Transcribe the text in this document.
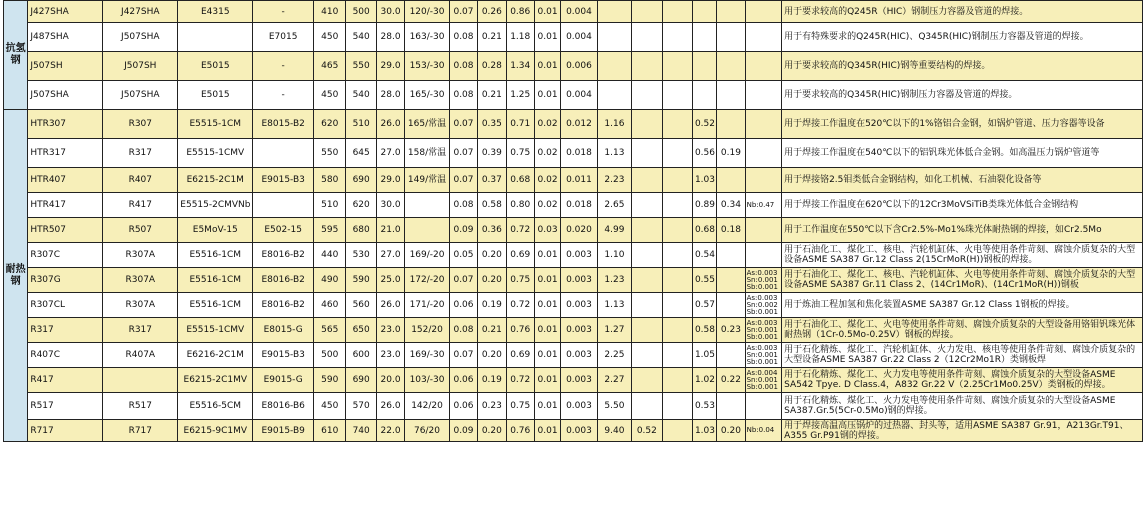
抗氢钢	J427SHA	J427SHA	E4315	-	410	500	30.0	120/-30	0.07	0.26	0.86	0.01	0.004							用于要求较高的Q245R（HIC）钢制压力容器及管道的焊接。
	J487SHA	J507SHA		E7015	450	540	28.0	163/-30	0.08	0.21	1.18	0.01	0.004							用于有特殊要求的Q245R(HIC)、Q345R(HIC)钢制压力容器及管道的焊接。
	J507SH	J507SH	E5015	-	465	550	29.0	153/-30	0.08	0.28	1.34	0.01	0.006							用于要求较高的Q345R(HIC)钢等重要结构的焊接。
	J507SHA	J507SHA	E5015	-	450	540	28.0	165/-30	0.08	0.21	1.25	0.01	0.004							用于要求较高的Q345R(HIC)钢制压力容器及管道的焊接。
耐热钢	HTR307	R307	E5515-1CM	E8015-B2	620	510	26.0	165/常温	0.07	0.35	0.71	0.02	0.012	1.16			0.52			用于焊接工作温度在520℃以下的1%铬铝合金钢，如锅炉管道、压力容器等设备
	HTR317	R317	E5515-1CMV		550	645	27.0	158/常温	0.07	0.39	0.75	0.02	0.018	1.13			0.56	0.19		用于焊接工作温度在540℃以下的铝钒珠光体低合金钢。如高温压力锅炉管道等
	HTR407	R407	E6215-2C1M	E9015-B3	580	690	29.0	149/常温	0.07	0.37	0.68	0.02	0.011	2.23			1.03			用于焊接铬2.5钼类低合金钢结构，如化工机械、石油裂化设备等
	HTR417	R417	E5515-2CMVNb		510	620	30.0		0.08	0.58	0.80	0.02	0.018	2.65			0.89	0.34	Nb:0.47	用于焊接工作温度在620℃以下的12Cr3MoVSiTiB类珠光体低合金钢结构
	HTR507	R507	E5MoV-15	E502-15	595	680	21.0		0.09	0.36	0.72	0.03	0.020	4.99			0.68	0.18		用于工作温度在550℃以下含Cr2.5%-Mo1%珠光体耐热钢的焊接，如Cr2.5Mo
	R307C	R307A	E5516-1CM	E8016-B2	440	530	27.0	169/-20	0.05	0.20	0.69	0.01	0.003	1.10			0.54			用于石油化工、煤化工、核电、汽轮机缸体、火电等使用条件苛刻、腐蚀介质复杂的大型设备ASME SA387 Gr.12 Class 2(15CrMoR(H))钢板的焊接。
	R307G	R307A	E5516-1CM	E8016-B2	490	590	25.0	172/-20	0.07	0.20	0.75	0.01	0.003	1.23			0.55		As:0.003 Sn:0.001 Sb:0.001	用于石油化工、煤化工、核电、汽轮机缸体、火电等使用条件苛刻、腐蚀介质复杂的大型设备ASME SA387 Gr.11 Class 2、(14Cr1MoR)、(14Cr1MoR(H))钢板
	R307CL	R307A	E5516-1CM	E8016-B2	460	560	26.0	171/-20	0.06	0.19	0.72	0.01	0.003	1.13			0.57		As:0.003 Sn:0.002 Sb:0.001	用于炼油工程加氢和焦化装置ASME SA387 Gr.12 Class 1钢板的焊接。
	R317	R317	E5515-1CMV	E8015-G	565	650	23.0	152/20	0.08	0.21	0.76	0.01	0.003	1.27			0.58	0.23	As:0.003 Sn:0.001 Sb:0.001	用于石油化工、煤化工、火电等使用条件苛刻、腐蚀介质复杂的大型设备用铬钼钒珠光体耐热钢（1Cr-0.5Mo-0.25V）钢板的焊接。
	R407C	R407A	E6216-2C1M	E9015-B3	500	600	23.0	169/-30	0.07	0.20	0.69	0.01	0.003	2.25			1.05		As:0.003 Sn:0.001 Sb:0.001	用于石化精炼、煤化工、汽轮机缸体、火力发电、核电等使用条件苛刻、腐蚀介质复杂的大型设备ASME SA387 Gr.22 Class 2（12Cr2Mo1R）类钢板焊
	R417		E6215-2C1MV	E9015-G	590	690	20.0	103/-30	0.06	0.19	0.72	0.01	0.003	2.27			1.02	0.22	As:0.004 Sn:0.001 Sb:0.001	用于石化精炼、煤化工、火力发电等使用条件苛刻、腐蚀介质复杂的大型设备ASME SA542 Tpye. D Class.4，A832 Gr.22 V（2.25Cr1Mo0.25V）类钢板的焊接。
	R517	R517	E5516-5CM	E8016-B6	450	570	26.0	142/20	0.06	0.23	0.75	0.01	0.003	5.50			0.53			用于石化精炼、煤化工、火力发电等使用条件苛刻、腐蚀介质复杂的大型设备ASME SA387.Gr.5(5Cr-0.5Mo)钢的焊接。
	R717	R717	E6215-9C1MV	E9015-B9	610	740	22.0	76/20	0.09	0.20	0.76	0.01	0.003	9.40	0.52		1.03	0.20	Nb:0.04	用于焊接高温高压锅炉的过热器、封头等，适用ASME SA387 Gr.91，A213Gr.T91、A355 Gr.P91钢的焊接。
